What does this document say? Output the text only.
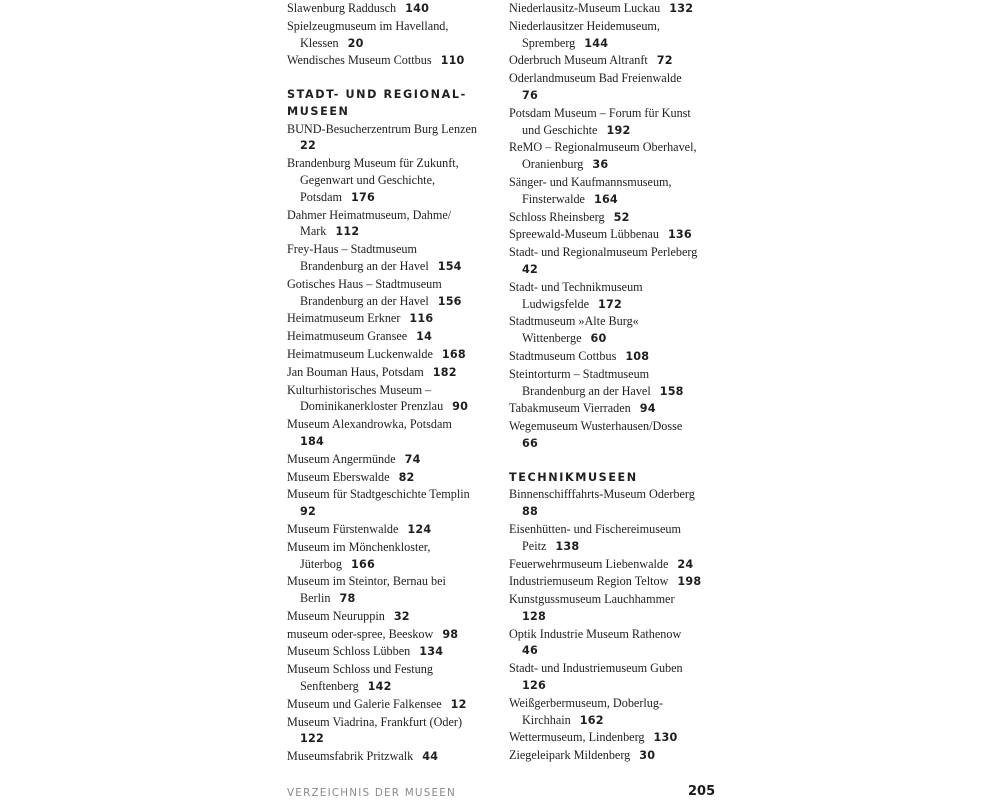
Slawenburg Raddusch 140
Spielzeugmuseum im Havelland,
Klessen 20
Wendisches Museum Cottbus 110
STADT- UND REGIONAL-
MUSEEN
BUND-Besucherzentrum Burg Lenzen
22
Brandenburg Museum für Zukunft,
Gegenwart und Geschichte,
Potsdam 176
Dahmer Heimatmuseum, Dahme/
Mark 112
Frey-Haus – Stadtmuseum
Brandenburg an der Havel 154
Gotisches Haus – Stadtmuseum
Brandenburg an der Havel 156
Heimatmuseum Erkner 116
Heimatmuseum Gransee 14
Heimatmuseum Luckenwalde 168
Jan Bouman Haus, Potsdam 182
Kulturhistorisches Museum –
Dominikanerkloster Prenzlau 90
Museum Alexandrowka, Potsdam
184
Museum Angermünde 74
Museum Eberswalde 82
Museum für Stadtgeschichte Templin
92
Museum Fürstenwalde 124
Museum im Mönchenkloster,
Jüterbog 166
Museum im Steintor, Bernau bei
Berlin 78
Museum Neuruppin 32
museum oder-spree, Beeskow 98
Museum Schloss Lübben 134
Museum Schloss und Festung
Senftenberg 142
Museum und Galerie Falkensee 12
Museum Viadrina, Frankfurt (Oder)
122
Museumsfabrik Pritzwalk 44
Niederlausitz-Museum Luckau 132
Niederlausitzer Heidemuseum,
Spremberg 144
Oderbruch Museum Altranft 72
Oderlandmuseum Bad Freienwalde
76
Potsdam Museum – Forum für Kunst
und Geschichte 192
ReMO – Regionalmuseum Oberhavel,
Oranienburg 36
Sänger- und Kaufmannsmuseum,
Finsterwalde 164
Schloss Rheinsberg 52
Spreewald-Museum Lübbenau 136
Stadt- und Regionalmuseum Perleberg
42
Stadt- und Technikmuseum
Ludwigsfelde 172
Stadtmuseum »Alte Burg«
Wittenberge 60
Stadtmuseum Cottbus 108
Steintorturm – Stadtmuseum
Brandenburg an der Havel 158
Tabakmuseum Vierraden 94
Wegemuseum Wusterhausen/Dosse
66
TECHNIKMUSEEN
Binnenschifffahrts-Museum Oderberg
88
Eisenhütten- und Fischereimuseum
Peitz 138
Feuerwehrmuseum Liebenwalde 24
Industriemuseum Region Teltow 198
Kunstgussmuseum Lauchhammer
128
Optik Industrie Museum Rathenow
46
Stadt- und Industriemuseum Guben
126
Weißgerbermuseum, Doberlug-
Kirchhain 162
Wettermuseum, Lindenberg 130
Ziegeleipark Mildenberg 30
VERZEICHNIS DER MUSEEN	205
